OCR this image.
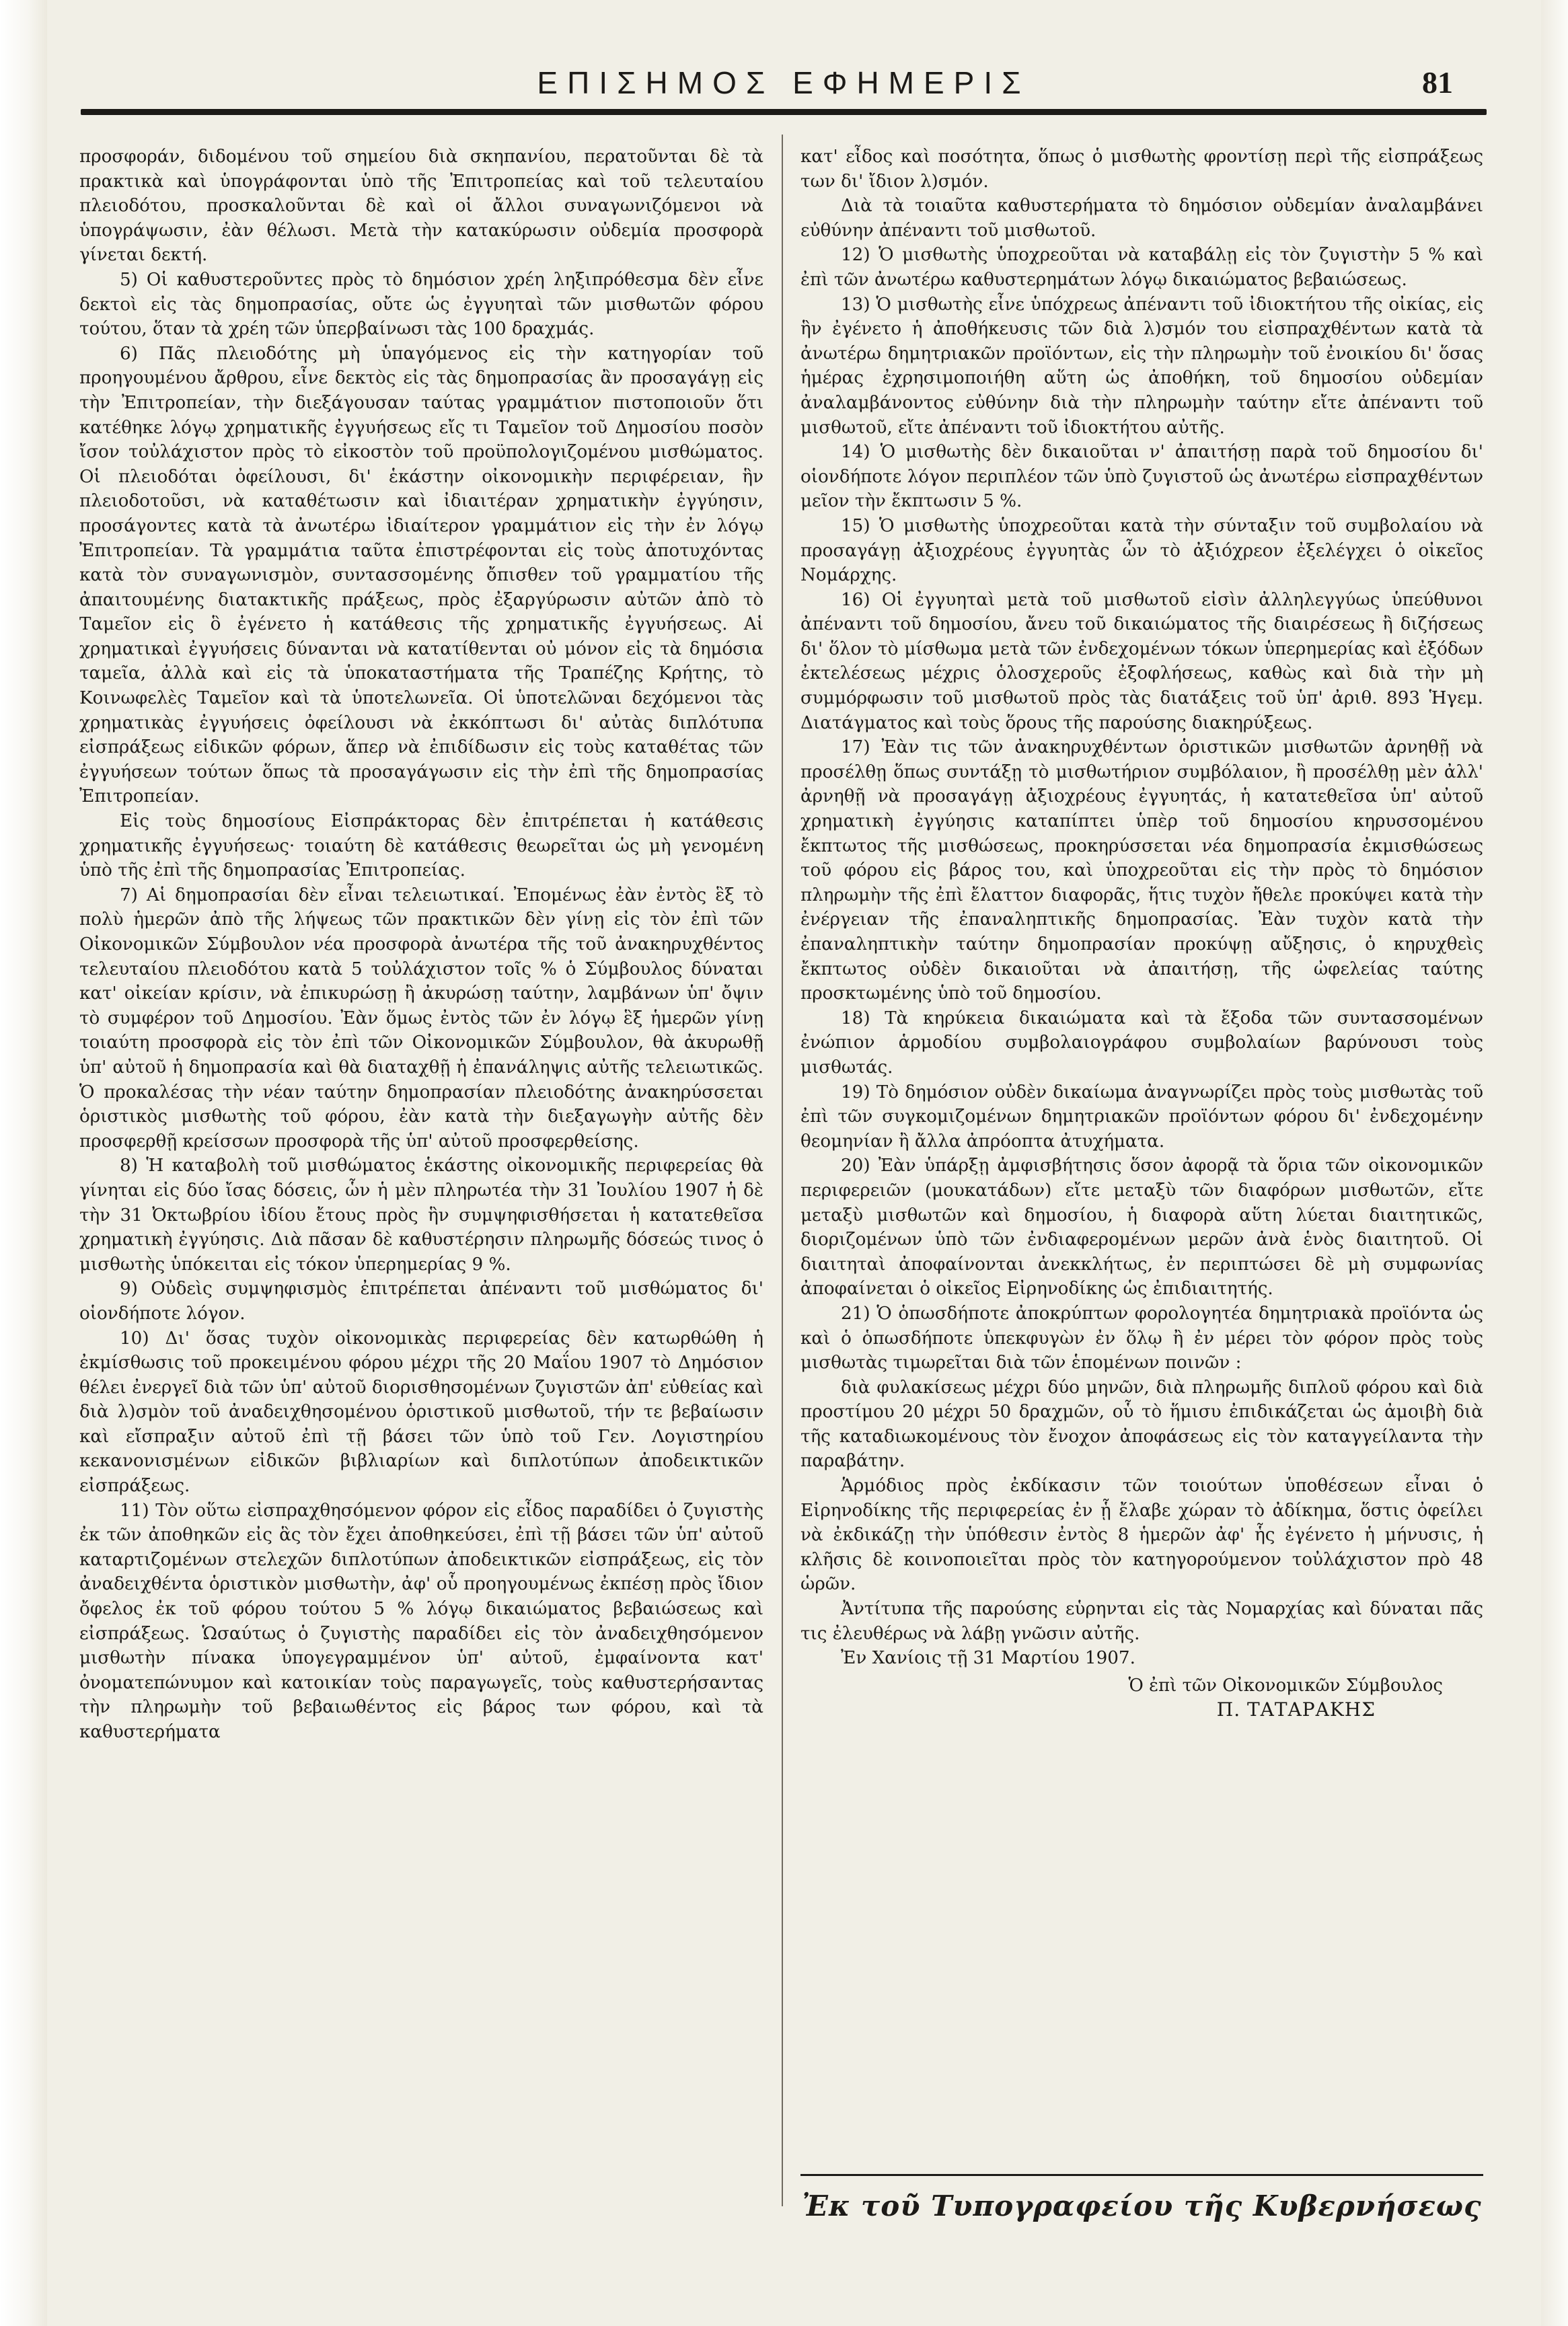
ΕΠΙΣΗΜΟΣ ΕΦΗΜΕΡΙΣ	81

προσφοράν, διδομένου τοῦ σημείου διὰ σκηπανίου, περατοῦνται δὲ τὰ πρακτικὰ καὶ ὑπογράφονται ὑπὸ τῆς Ἐπιτροπείας καὶ τοῦ τελευταίου πλειοδότου, προσκαλοῦνται δὲ καὶ οἱ ἄλλοι συναγωνιζόμενοι νὰ ὑπογράψωσιν, ἐὰν θέλωσι. Μετὰ τὴν κατακύρωσιν οὐδεμία προσφορὰ γίνεται δεκτή.

5) Οἱ καθυστεροῦντες πρὸς τὸ δημόσιον χρέη ληξιπρόθεσμα δὲν εἶνε δεκτοὶ εἰς τὰς δημοπρασίας, οὔτε ὡς ἐγγυηταὶ τῶν μισθωτῶν φόρου τούτου, ὅταν τὰ χρέη τῶν ὑπερβαίνωσι τὰς 100 δραχμάς.

6) Πᾶς πλειοδότης μὴ ὑπαγόμενος εἰς τὴν κατηγορίαν τοῦ προηγουμένου ἄρθρου, εἶνε δεκτὸς εἰς τὰς δημοπρασίας ἂν προσαγάγῃ εἰς τὴν Ἐπιτροπείαν, τὴν διεξάγουσαν ταύτας γραμμάτιον πιστοποιοῦν ὅτι κατέθηκε λόγῳ χρηματικῆς ἐγγυήσεως εἴς τι Ταμεῖον τοῦ Δημοσίου ποσὸν ἴσον τοὐλάχιστον πρὸς τὸ εἰκοστὸν τοῦ προϋπολογιζομένου μισθώματος. Οἱ πλειοδόται ὀφείλουσι, δι' ἑκάστην οἰκονομικὴν περιφέρειαν, ἣν πλειοδοτοῦσι, νὰ καταθέτωσιν καὶ ἰδιαιτέραν χρηματικὴν ἐγγύησιν, προσάγοντες κατὰ τὰ ἀνωτέρω ἰδιαίτερον γραμμάτιον εἰς τὴν ἐν λόγῳ Ἐπιτροπείαν. Τὰ γραμμάτια ταῦτα ἐπιστρέφονται εἰς τοὺς ἀποτυχόντας κατὰ τὸν συναγωνισμὸν, συντασσομένης ὄπισθεν τοῦ γραμματίου τῆς ἀπαιτουμένης διατακτικῆς πράξεως, πρὸς ἐξαργύρωσιν αὐτῶν ἀπὸ τὸ Ταμεῖον εἰς ὃ ἐγένετο ἡ κατάθεσις τῆς χρηματικῆς ἐγγυήσεως. Αἱ χρηματικαὶ ἐγγυήσεις δύνανται νὰ κατατίθενται οὐ μόνον εἰς τὰ δημόσια ταμεῖα, ἀλλὰ καὶ εἰς τὰ ὑποκαταστήματα τῆς Τραπέζης Κρήτης, τὸ Κοινωφελὲς Ταμεῖον καὶ τὰ ὑποτελωνεῖα. Οἱ ὑποτελῶναι δεχόμενοι τὰς χρηματικὰς ἐγγυήσεις ὀφείλουσι νὰ ἐκκόπτωσι δι' αὐτὰς διπλότυπα εἰσπράξεως εἰδικῶν φόρων, ἅπερ νὰ ἐπιδίδωσιν εἰς τοὺς καταθέτας τῶν ἐγγυήσεων τούτων ὅπως τὰ προσαγάγωσιν εἰς τὴν ἐπὶ τῆς δημοπρασίας Ἐπιτροπείαν.

Εἰς τοὺς δημοσίους Εἰσπράκτορας δὲν ἐπιτρέπεται ἡ κατάθεσις χρηματικῆς ἐγγυήσεως· τοιαύτη δὲ κατάθεσις θεωρεῖται ὡς μὴ γενομένη ὑπὸ τῆς ἐπὶ τῆς δημοπρασίας Ἐπιτροπείας.

7) Αἱ δημοπρασίαι δὲν εἶναι τελειωτικαί. Ἐπομένως ἐὰν ἐντὸς ἓξ τὸ πολὺ ἡμερῶν ἀπὸ τῆς λήψεως τῶν πρακτικῶν δὲν γίνῃ εἰς τὸν ἐπὶ τῶν Οἰκονομικῶν Σύμβουλον νέα προσφορὰ ἀνωτέρα τῆς τοῦ ἀνακηρυχθέντος τελευταίου πλειοδότου κατὰ 5 τοὐλάχιστον τοῖς % ὁ Σύμβουλος δύναται κατ' οἰκείαν κρίσιν, νὰ ἐπικυρώσῃ ἢ ἀκυρώσῃ ταύτην, λαμβάνων ὑπ' ὄψιν τὸ συμφέρον τοῦ Δημοσίου. Ἐὰν ὅμως ἐντὸς τῶν ἐν λόγῳ ἓξ ἡμερῶν γίνῃ τοιαύτη προσφορὰ εἰς τὸν ἐπὶ τῶν Οἰκονομικῶν Σύμβουλον, θὰ ἀκυρωθῇ ὑπ' αὐτοῦ ἡ δημοπρασία καὶ θὰ διαταχθῇ ἡ ἐπανάληψις αὐτῆς τελειωτικῶς. Ὁ προκαλέσας τὴν νέαν ταύτην δημοπρασίαν πλειοδότης ἀνακηρύσσεται ὁριστικὸς μισθωτὴς τοῦ φόρου, ἐὰν κατὰ τὴν διεξαγωγὴν αὐτῆς δὲν προσφερθῇ κρείσσων προσφορὰ τῆς ὑπ' αὐτοῦ προσφερθείσης.

8) Ἡ καταβολὴ τοῦ μισθώματος ἑκάστης οἰκονομικῆς περιφερείας θὰ γίνηται εἰς δύο ἴσας δόσεις, ὧν ἡ μὲν πληρωτέα τὴν 31 Ἰουλίου 1907 ἡ δὲ τὴν 31 Ὀκτωβρίου ἰδίου ἔτους πρὸς ἣν συμψηφισθήσεται ἡ κατατεθεῖσα χρηματικὴ ἐγγύησις. Διὰ πᾶσαν δὲ καθυστέρησιν πληρωμῆς δόσεώς τινος ὁ μισθωτὴς ὑπόκειται εἰς τόκον ὑπερημερίας 9 %.

9) Οὐδεὶς συμψηφισμὸς ἐπιτρέπεται ἀπέναντι τοῦ μισθώματος δι' οἱονδήποτε λόγον.

10) Δι' ὅσας τυχὸν οἰκονομικὰς περιφερείας δὲν κατωρθώθη ἡ ἐκμίσθωσις τοῦ προκειμένου φόρου μέχρι τῆς 20 Μαΐου 1907 τὸ Δημόσιον θέλει ἐνεργεῖ διὰ τῶν ὑπ' αὐτοῦ διορισθησομένων ζυγιστῶν ἀπ' εὐθείας καὶ διὰ λ)σμὸν τοῦ ἀναδειχθησομένου ὁριστικοῦ μισθωτοῦ, τήν τε βεβαίωσιν καὶ εἴσπραξιν αὐτοῦ ἐπὶ τῇ βάσει τῶν ὑπὸ τοῦ Γεν. Λογιστηρίου κεκανονισμένων εἰδικῶν βιβλιαρίων καὶ διπλοτύπων ἀποδεικτικῶν εἰσπράξεως.

11) Τὸν οὕτω εἰσπραχθησόμενον φόρον εἰς εἶδος παραδίδει ὁ ζυγιστὴς ἐκ τῶν ἀποθηκῶν εἰς ἃς τὸν ἔχει ἀποθηκεύσει, ἐπὶ τῇ βάσει τῶν ὑπ' αὐτοῦ καταρτιζομένων στελεχῶν διπλοτύπων ἀποδεικτικῶν εἰσπράξεως, εἰς τὸν ἀναδειχθέντα ὁριστικὸν μισθωτὴν, ἀφ' οὗ προηγουμένως ἐκπέσῃ πρὸς ἴδιον ὄφελος ἐκ τοῦ φόρου τούτου 5 % λόγῳ δικαιώματος βεβαιώσεως καὶ εἰσπράξεως. Ὡσαύτως ὁ ζυγιστὴς παραδίδει εἰς τὸν ἀναδειχθησόμενον μισθωτὴν πίνακα ὑπογεγραμμένον ὑπ' αὐτοῦ, ἐμφαίνοντα κατ' ὀνοματεπώνυμον καὶ κατοικίαν τοὺς παραγωγεῖς, τοὺς καθυστερήσαντας τὴν πληρωμὴν τοῦ βεβαιωθέντος εἰς βάρος των φόρου, καὶ τὰ καθυστερήματα

κατ' εἶδος καὶ ποσότητα, ὅπως ὁ μισθωτὴς φροντίσῃ περὶ τῆς εἰσπράξεως των δι' ἴδιον λ)σμόν.

Διὰ τὰ τοιαῦτα καθυστερήματα τὸ δημόσιον οὐδεμίαν ἀναλαμβάνει εὐθύνην ἀπέναντι τοῦ μισθωτοῦ.

12) Ὁ μισθωτὴς ὑποχρεοῦται νὰ καταβάλῃ εἰς τὸν ζυγιστὴν 5 % καὶ ἐπὶ τῶν ἀνωτέρω καθυστερημάτων λόγῳ δικαιώματος βεβαιώσεως.

13) Ὁ μισθωτὴς εἶνε ὑπόχρεως ἀπέναντι τοῦ ἰδιοκτήτου τῆς οἰκίας, εἰς ἣν ἐγένετο ἡ ἀποθήκευσις τῶν διὰ λ)σμόν του εἰσπραχθέντων κατὰ τὰ ἀνωτέρω δημητριακῶν προϊόντων, εἰς τὴν πληρωμὴν τοῦ ἐνοικίου δι' ὅσας ἡμέρας ἐχρησιμοποιήθη αὕτη ὡς ἀποθήκη, τοῦ δημοσίου οὐδεμίαν ἀναλαμβάνοντος εὐθύνην διὰ τὴν πληρωμὴν ταύτην εἴτε ἀπέναντι τοῦ μισθωτοῦ, εἴτε ἀπέναντι τοῦ ἰδιοκτήτου αὐτῆς.

14) Ὁ μισθωτὴς δὲν δικαιοῦται ν' ἀπαιτήσῃ παρὰ τοῦ δημοσίου δι' οἱονδήποτε λόγον περιπλέον τῶν ὑπὸ ζυγιστοῦ ὡς ἀνωτέρω εἰσπραχθέντων μεῖον τὴν ἔκπτωσιν 5 %.

15) Ὁ μισθωτὴς ὑποχρεοῦται κατὰ τὴν σύνταξιν τοῦ συμβολαίου νὰ προσαγάγῃ ἀξιοχρέους ἐγγυητὰς ὧν τὸ ἀξιόχρεον ἐξελέγχει ὁ οἰκεῖος Νομάρχης.

16) Οἱ ἐγγυηταὶ μετὰ τοῦ μισθωτοῦ εἰσὶν ἀλληλεγγύως ὑπεύθυνοι ἀπέναντι τοῦ δημοσίου, ἄνευ τοῦ δικαιώματος τῆς διαιρέσεως ἢ διζήσεως δι' ὅλον τὸ μίσθωμα μετὰ τῶν ἐνδεχομένων τόκων ὑπερημερίας καὶ ἐξόδων ἐκτελέσεως μέχρις ὁλοσχεροῦς ἐξοφλήσεως, καθὼς καὶ διὰ τὴν μὴ συμμόρφωσιν τοῦ μισθωτοῦ πρὸς τὰς διατάξεις τοῦ ὑπ' ἀριθ. 893 Ἡγεμ. Διατάγματος καὶ τοὺς ὅρους τῆς παρούσης διακηρύξεως.

17) Ἐὰν τις τῶν ἀνακηρυχθέντων ὁριστικῶν μισθωτῶν ἀρνηθῇ νὰ προσέλθῃ ὅπως συντάξῃ τὸ μισθωτήριον συμβόλαιον, ἢ προσέλθῃ μὲν ἀλλ' ἀρνηθῇ νὰ προσαγάγῃ ἀξιοχρέους ἐγγυητάς, ἡ κατατεθεῖσα ὑπ' αὐτοῦ χρηματικὴ ἐγγύησις καταπίπτει ὑπὲρ τοῦ δημοσίου κηρυσσομένου ἔκπτωτος τῆς μισθώσεως, προκηρύσσεται νέα δημοπρασία ἐκμισθώσεως τοῦ φόρου εἰς βάρος του, καὶ ὑποχρεοῦται εἰς τὴν πρὸς τὸ δημόσιον πληρωμὴν τῆς ἐπὶ ἔλαττον διαφορᾶς, ἥτις τυχὸν ἤθελε προκύψει κατὰ τὴν ἐνέργειαν τῆς ἐπαναληπτικῆς δημοπρασίας. Ἐὰν τυχὸν κατὰ τὴν ἐπαναληπτικὴν ταύτην δημοπρασίαν προκύψῃ αὔξησις, ὁ κηρυχθεὶς ἔκπτωτος οὐδὲν δικαιοῦται νὰ ἀπαιτήσῃ, τῆς ὠφελείας ταύτης προσκτωμένης ὑπὸ τοῦ δημοσίου.

18) Τὰ κηρύκεια δικαιώματα καὶ τὰ ἔξοδα τῶν συντασσομένων ἐνώπιον ἁρμοδίου συμβολαιογράφου συμβολαίων βαρύνουσι τοὺς μισθωτάς.

19) Τὸ δημόσιον οὐδὲν δικαίωμα ἀναγνωρίζει πρὸς τοὺς μισθωτὰς τοῦ ἐπὶ τῶν συγκομιζομένων δημητριακῶν προϊόντων φόρου δι' ἐνδεχομένην θεομηνίαν ἢ ἄλλα ἀπρόοπτα ἀτυχήματα.

20) Ἐὰν ὑπάρξῃ ἀμφισβήτησις ὅσον ἀφορᾷ τὰ ὅρια τῶν οἰκονομικῶν περιφερειῶν (μουκατάδων) εἴτε μεταξὺ τῶν διαφόρων μισθωτῶν, εἴτε μεταξὺ μισθωτῶν καὶ δημοσίου, ἡ διαφορὰ αὕτη λύεται διαιτητικῶς, διοριζομένων ὑπὸ τῶν ἐνδιαφερομένων μερῶν ἀνὰ ἑνὸς διαιτητοῦ. Οἱ διαιτηταὶ ἀποφαίνονται ἀνεκκλήτως, ἐν περιπτώσει δὲ μὴ συμφωνίας ἀποφαίνεται ὁ οἰκεῖος Εἰρηνοδίκης ὡς ἐπιδιαιτητής.

21) Ὁ ὁπωσδήποτε ἀποκρύπτων φορολογητέα δημητριακὰ προϊόντα ὡς καὶ ὁ ὁπωσδήποτε ὑπεκφυγὼν ἐν ὅλῳ ἢ ἐν μέρει τὸν φόρον πρὸς τοὺς μισθωτὰς τιμωρεῖται διὰ τῶν ἑπομένων ποινῶν :

διὰ φυλακίσεως μέχρι δύο μηνῶν, διὰ πληρωμῆς διπλοῦ φόρου καὶ διὰ προστίμου 20 μέχρι 50 δραχμῶν, οὗ τὸ ἥμισυ ἐπιδικάζεται ὡς ἀμοιβὴ διὰ τῆς καταδιωκομένους τὸν ἔνοχον ἀποφάσεως εἰς τὸν καταγγείλαντα τὴν παραβάτην.

Ἁρμόδιος πρὸς ἐκδίκασιν τῶν τοιούτων ὑποθέσεων εἶναι ὁ Εἰρηνοδίκης τῆς περιφερείας ἐν ᾗ ἔλαβε χώραν τὸ ἀδίκημα, ὅστις ὀφείλει νὰ ἐκδικάζῃ τὴν ὑπόθεσιν ἐντὸς 8 ἡμερῶν ἀφ' ἧς ἐγένετο ἡ μήνυσις, ἡ κλῆσις δὲ κοινοποιεῖται πρὸς τὸν κατηγορούμενον τοὐλάχιστον πρὸ 48 ὡρῶν.

Ἀντίτυπα τῆς παρούσης εὑρηνται εἰς τὰς Νομαρχίας καὶ δύναται πᾶς τις ἐλευθέρως νὰ λάβῃ γνῶσιν αὐτῆς.

Ἐν Χανίοις τῇ 31 Μαρτίου 1907.

Ὁ ἐπὶ τῶν Οἰκονομικῶν Σύμβουλος
Π. ΤΑΤΑΡΑΚΗΣ
Ἐκ τοῦ Τυπογραφείου τῆς Κυβερνήσεως
